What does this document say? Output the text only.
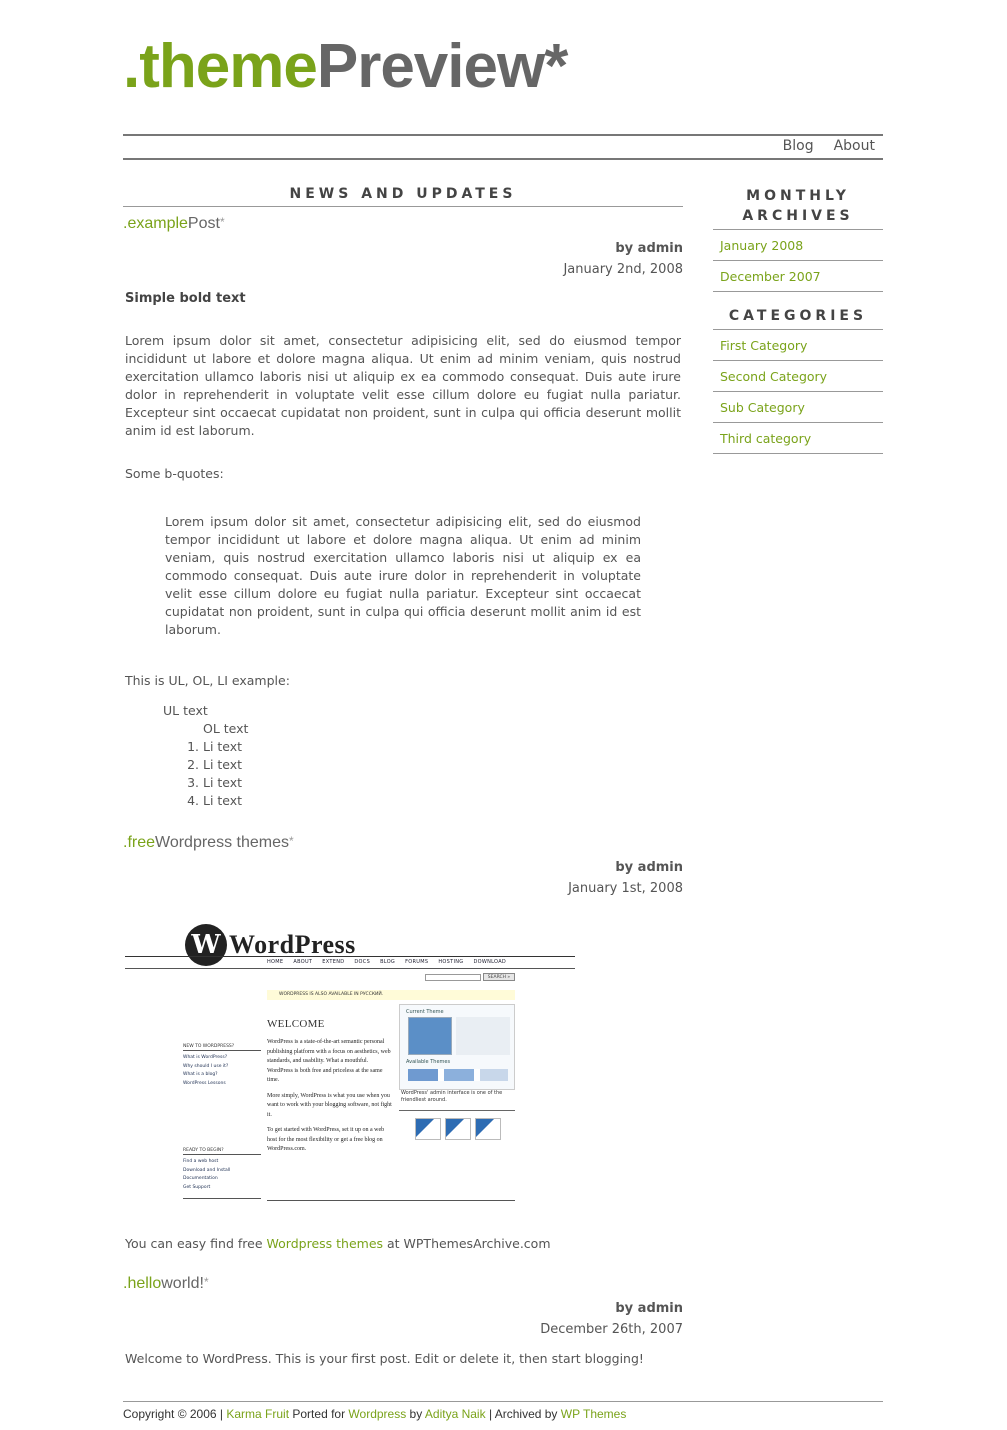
.themePreview*
Blog About
NEWS AND UPDATES
.examplePost*
by admin
January 2nd, 2008
Simple bold text

Lorem ipsum dolor sit amet, consectetur adipisicing elit, sed do eiusmod tempor incididunt ut labore et dolore magna aliqua. Ut enim ad minim veniam, quis nostrud exercitation ullamco laboris nisi ut aliquip ex ea commodo consequat. Duis aute irure dolor in reprehenderit in voluptate velit esse cillum dolore eu fugiat nulla pariatur. Excepteur sint occaecat cupidatat non proident, sunt in culpa qui officia deserunt mollit anim id est laborum.

Some b-quotes:
Lorem ipsum dolor sit amet, consectetur adipisicing elit, sed do eiusmod tempor incididunt ut labore et dolore magna aliqua. Ut enim ad minim veniam, quis nostrud exercitation ullamco laboris nisi ut aliquip ex ea commodo consequat. Duis aute irure dolor in reprehenderit in voluptate velit esse cillum dolore eu fugiat nulla pariatur. Excepteur sint occaecat cupidatat non proident, sunt in culpa qui officia deserunt mollit anim id est laborum.
This is UL, OL, LI example:
UL text
OL text
1. Li text
2. Li text
3. Li text
4. Li text
.freeWordpress themes*
by admin
January 1st, 2008
W WordPress
HOME ABOUT EXTEND DOCS BLOG FORUMS HOSTING DOWNLOAD
SEARCH »
WORDPRESS IS ALSO AVAILABLE IN РУССКИЙ.
WELCOME

WordPress is a state-of-the-art semantic personal publishing platform with a focus on aesthetics, web standards, and usability. What a mouthful. WordPress is both free and priceless at the same time.

More simply, WordPress is what you use when you want to work with your blogging software, not fight it.

To get started with WordPress, set it up on a web host for the most flexibility or get a free blog on WordPress.com.

NEW TO WORDPRESS?
What is WordPress?
Why should I use it?
What is a blog?
WordPress Lessons
READY TO BEGIN?
Find a web host
Download and Install
Documentation
Get Support
Current Theme
Available Themes
WordPress' admin interface is one of the friendliest around.
You can easy find free Wordpress themes at WPThemesArchive.com
.helloworld!*
by admin
December 26th, 2007
Welcome to WordPress. This is your first post. Edit or delete it, then start blogging!
MONTHLY
ARCHIVES
January 2008
December 2007
CATEGORIES
First Category
Second Category
Sub Category
Third category
Copyright © 2006 | Karma Fruit Ported for Wordpress by Aditya Naik | Archived by WP Themes
